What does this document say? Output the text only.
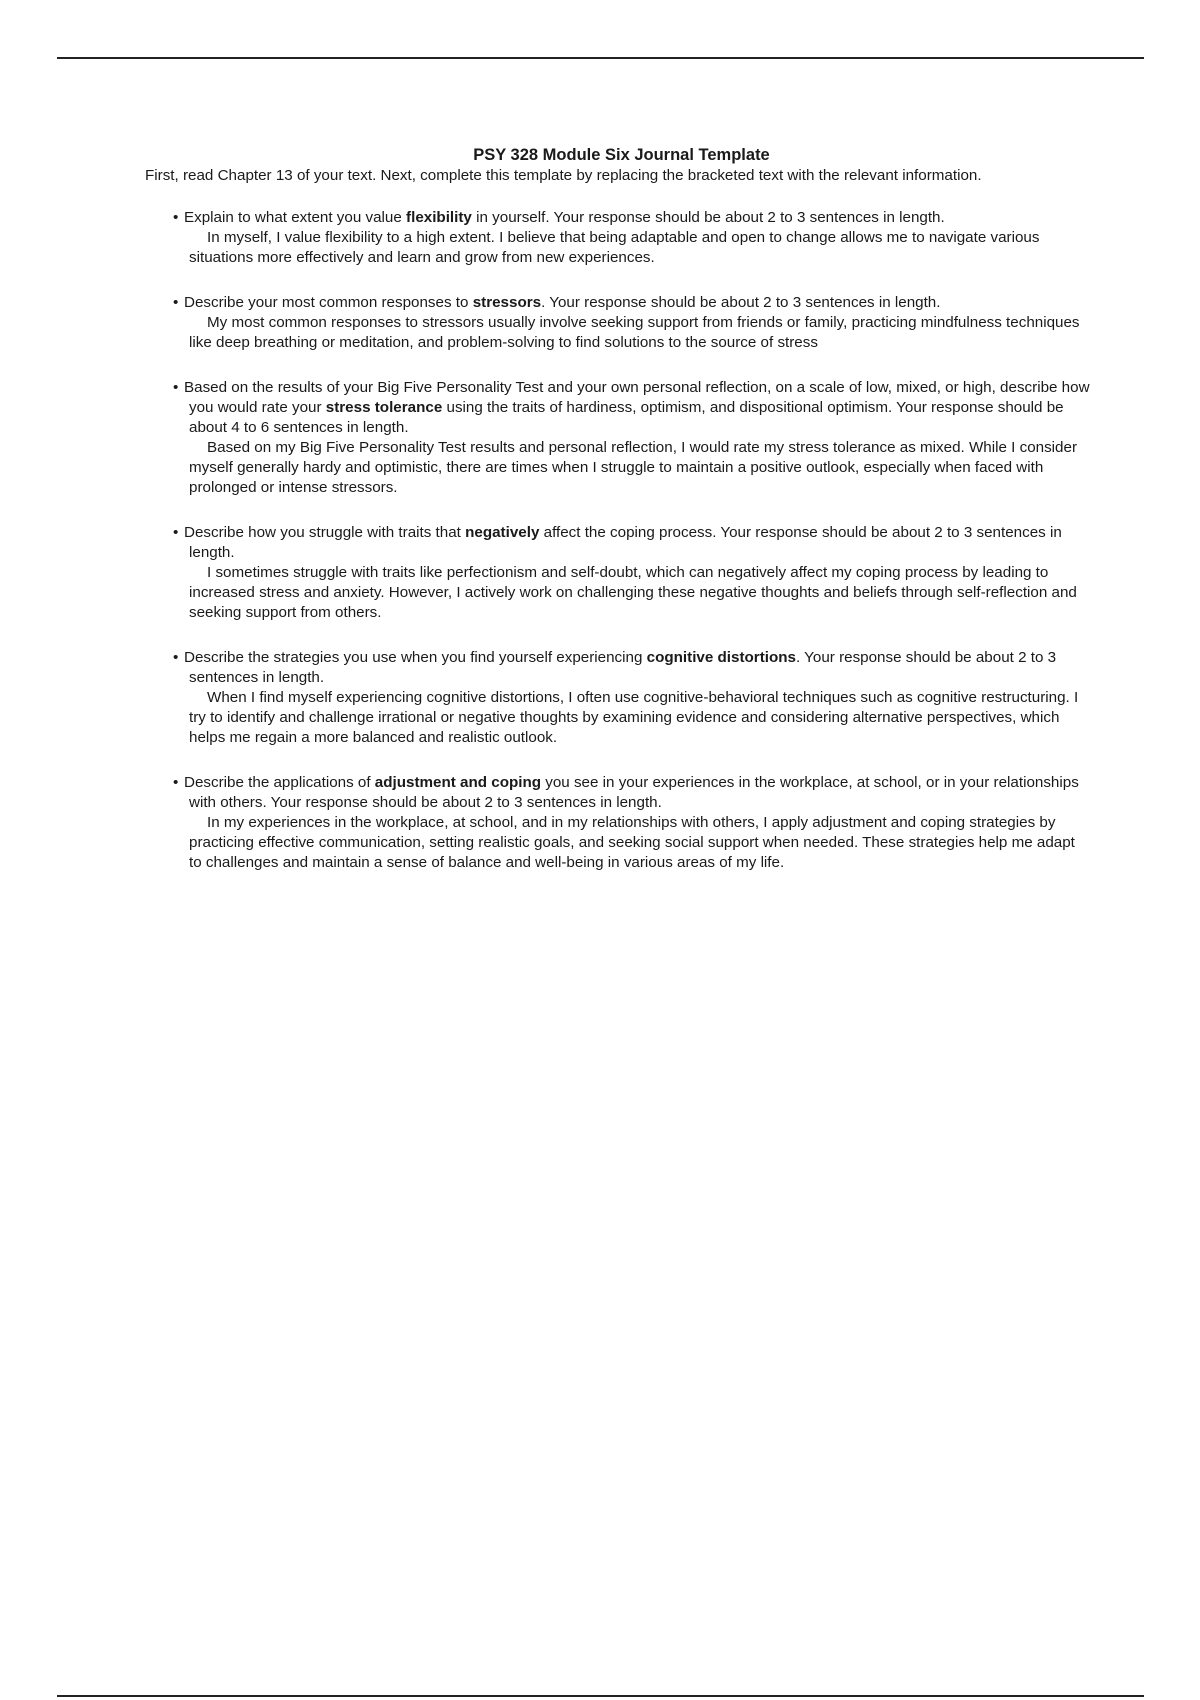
PSY 328 Module Six Journal Template

First, read Chapter 13 of your text. Next, complete this template by replacing the bracketed text with the relevant information.

• Explain to what extent you value flexibility in yourself. Your response should be about 2 to 3 sentences in length.
In myself, I value flexibility to a high extent. I believe that being adaptable and open to change allows me to navigate various situations more effectively and learn and grow from new experiences.
• Describe your most common responses to stressors. Your response should be about 2 to 3 sentences in length.
My most common responses to stressors usually involve seeking support from friends or family, practicing mindfulness techniques like deep breathing or meditation, and problem-solving to find solutions to the source of stress
• Based on the results of your Big Five Personality Test and your own personal reflection, on a scale of low, mixed, or high, describe how you would rate your stress tolerance using the traits of hardiness, optimism, and dispositional optimism. Your response should be about 4 to 6 sentences in length.
Based on my Big Five Personality Test results and personal reflection, I would rate my stress tolerance as mixed. While I consider myself generally hardy and optimistic, there are times when I struggle to maintain a positive outlook, especially when faced with prolonged or intense stressors.
• Describe how you struggle with traits that negatively affect the coping process. Your response should be about 2 to 3 sentences in length.
I sometimes struggle with traits like perfectionism and self-doubt, which can negatively affect my coping process by leading to increased stress and anxiety. However, I actively work on challenging these negative thoughts and beliefs through self-reflection and seeking support from others.
• Describe the strategies you use when you find yourself experiencing cognitive distortions. Your response should be about 2 to 3 sentences in length.
When I find myself experiencing cognitive distortions, I often use cognitive-behavioral techniques such as cognitive restructuring. I try to identify and challenge irrational or negative thoughts by examining evidence and considering alternative perspectives, which helps me regain a more balanced and realistic outlook.
• Describe the applications of adjustment and coping you see in your experiences in the workplace, at school, or in your relationships with others. Your response should be about 2 to 3 sentences in length.
In my experiences in the workplace, at school, and in my relationships with others, I apply adjustment and coping strategies by practicing effective communication, setting realistic goals, and seeking social support when needed. These strategies help me adapt to challenges and maintain a sense of balance and well-being in various areas of my life.
